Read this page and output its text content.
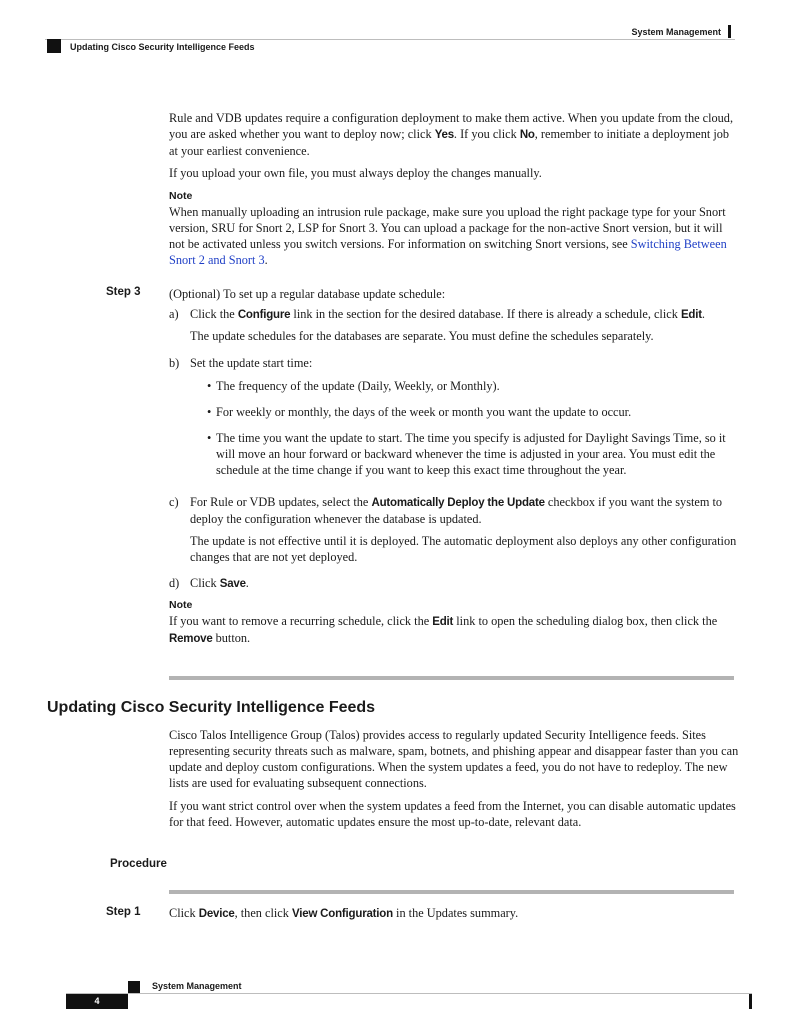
System Management
Updating Cisco Security Intelligence Feeds

Rule and VDB updates require a configuration deployment to make them active. When you update from the cloud, you are asked whether you want to deploy now; click Yes. If you click No, remember to initiate a deployment job at your earliest convenience.

If you upload your own file, you must always deploy the changes manually.

Note

When manually uploading an intrusion rule package, make sure you upload the right package type for your Snort version, SRU for Snort 2, LSP for Snort 3. You can upload a package for the non-active Snort version, but it will not be activated unless you switch versions. For information on switching Snort versions, see Switching Between Snort 2 and Snort 3.

Step 3 (Optional) To set up a regular database update schedule:

a) Click the Configure link in the section for the desired database. If there is already a schedule, click Edit.

The update schedules for the databases are separate. You must define the schedules separately.

b) Set the update start time:

• The frequency of the update (Daily, Weekly, or Monthly).

• For weekly or monthly, the days of the week or month you want the update to occur.

• The time you want the update to start. The time you specify is adjusted for Daylight Savings Time, so it will move an hour forward or backward whenever the time is adjusted in your area. You must edit the schedule at the time change if you want to keep this exact time throughout the year.

c) For Rule or VDB updates, select the Automatically Deploy the Update checkbox if you want the system to deploy the configuration whenever the database is updated.

The update is not effective until it is deployed. The automatic deployment also deploys any other configuration changes that are not yet deployed.

d) Click Save.

Note

If you want to remove a recurring schedule, click the Edit link to open the scheduling dialog box, then click the Remove button.

Updating Cisco Security Intelligence Feeds

Cisco Talos Intelligence Group (Talos) provides access to regularly updated Security Intelligence feeds. Sites representing security threats such as malware, spam, botnets, and phishing appear and disappear faster than you can update and deploy custom configurations. When the system updates a feed, you do not have to redeploy. The new lists are used for evaluating subsequent connections.

If you want strict control over when the system updates a feed from the Internet, you can disable automatic updates for that feed. However, automatic updates ensure the most up-to-date, relevant data.

Procedure
Step 1 Click Device, then click View Configuration in the Updates summary.

System Management
4
